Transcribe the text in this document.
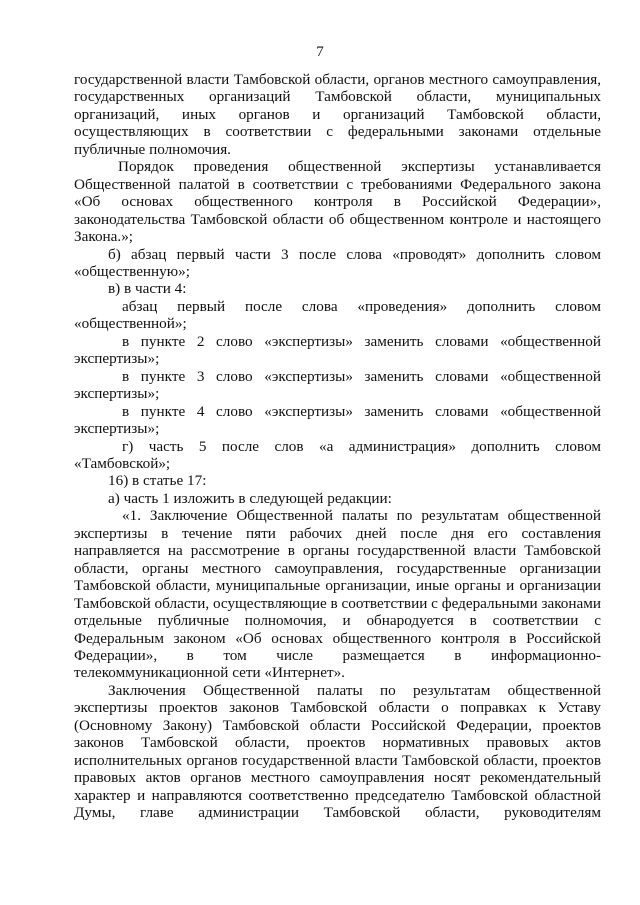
7

государственной власти Тамбовской области, органов местного самоуправления, государственных организаций Тамбовской области, муниципальных организаций, иных органов и организаций Тамбовской области, осуществляющих в соответствии с федеральными законами отдельные публичные полномочия.

Порядок проведения общественной экспертизы устанавливается Общественной палатой в соответствии с требованиями Федерального закона «Об основах общественного контроля в Российской Федерации», законодательства Тамбовской области об общественном контроле и настоящего Закона.»;

б) абзац первый части 3 после слова «проводят» дополнить словом «общественную»;

в) в части 4:

абзац первый после слова «проведения» дополнить словом «общественной»;

в пункте 2 слово «экспертизы» заменить словами «общественной экспертизы»;

в пункте 3 слово «экспертизы» заменить словами «общественной экспертизы»;

в пункте 4 слово «экспертизы» заменить словами «общественной экспертизы»;

г) часть 5 после слов «а администрация» дополнить словом «Тамбовской»;

16) в статье 17:

а) часть 1 изложить в следующей редакции:

«1. Заключение Общественной палаты по результатам общественной экспертизы в течение пяти рабочих дней после дня его составления направляется на рассмотрение в органы государственной власти Тамбовской области, органы местного самоуправления, государственные организации Тамбовской области, муниципальные организации, иные органы и организации Тамбовской области, осуществляющие в соответствии с федеральными законами отдельные публичные полномочия, и обнародуется в соответствии с Федеральным законом «Об основах общественного контроля в Российской Федерации», в том числе размещается в информационно-телекоммуникационной сети «Интернет».

Заключения Общественной палаты по результатам общественной экспертизы проектов законов Тамбовской области о поправках к Уставу (Основному Закону) Тамбовской области Российской Федерации, проектов законов Тамбовской области, проектов нормативных правовых актов исполнительных органов государственной власти Тамбовской области, проектов правовых актов органов местного самоуправления носят рекомендательный характер и направляются соответственно председателю Тамбовской областной Думы, главе администрации Тамбовской области, руководителям
